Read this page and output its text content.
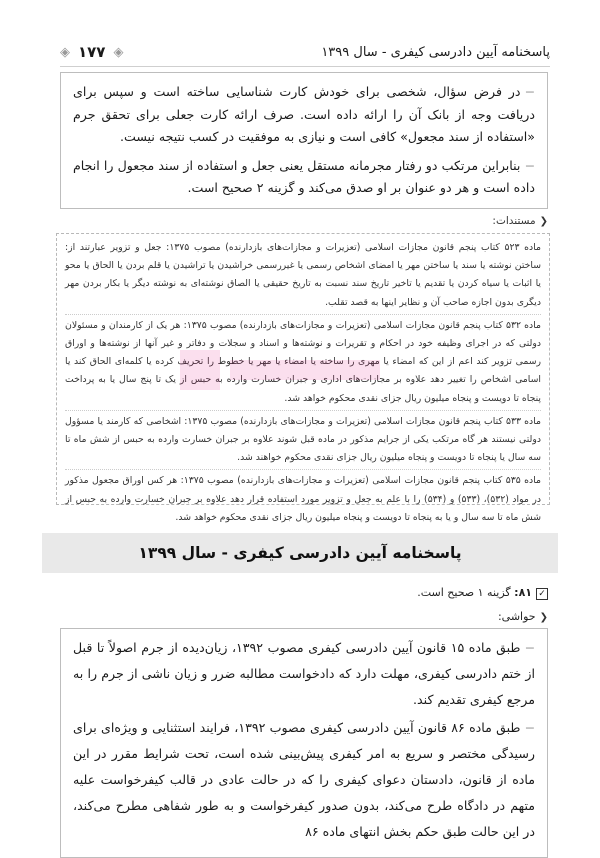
پاسخنامه آیین دادرسی کیفری - سال ۱۳۹۹
◈
۱۷۷
◈

−در فرض سؤال، شخصی برای خودش کارت شناسایی ساخته است و سپس برای دریافت وجه از بانک آن را ارائه داده است. صرف ارائه کارت جعلی برای تحقق جرم «استفاده از سند مجعول» کافی است و نیازی به موفقیت در کسب نتیجه نیست.

−بنابراین مرتکب دو رفتار مجرمانه مستقل یعنی جعل و استفاده از سند مجعول را انجام داده است و هر دو عنوان بر او صدق می‌کند و گزینه ۲ صحیح است.

❮مستندات:
ماده ۵۲۳ کتاب پنجم قانون مجازات اسلامی (تعزیرات و مجازات‌های بازدارنده) مصوب ۱۳۷۵: جعل و تزویر عبارتند از: ساختن نوشته یا سند یا ساختن مهر یا امضای اشخاص رسمی یا غیررسمی خراشیدن یا تراشیدن یا قلم بردن یا الحاق یا محو یا اثبات یا سیاه کردن یا تقدیم یا تاخیر تاریخ سند نسبت به تاریخ حقیقی یا الصاق نوشته‌ای به نوشته دیگر یا بکار بردن مهر دیگری بدون اجازه صاحب آن و نظایر اینها به قصد تقلب.
ماده ۵۳۲ کتاب پنجم قانون مجازات اسلامی (تعزیرات و مجازات‌های بازدارنده) مصوب ۱۳۷۵: هر یک از کارمندان و مسئولان دولتی که در اجرای وظیفه خود در احکام و تقریرات و نوشته‌ها و اسناد و سجلات و دفاتر و غیر آنها از نوشته‌ها و اوراق رسمی تزویر کند اعم از این که امضاء یا مهری را ساخته یا امضاء یا مهر یا خطوط را تحریف کرده یا کلمه‌ای الحاق کند یا اسامی اشخاص را تغییر دهد علاوه بر مجازات‌های اداری و جبران خسارت وارده به حبس از یک تا پنج سال یا به پرداخت پنجاه تا دویست و پنجاه میلیون ریال جزای نقدی محکوم خواهد شد.
ماده ۵۳۳ کتاب پنجم قانون مجازات اسلامی (تعزیرات و مجازات‌های بازدارنده) مصوب ۱۳۷۵: اشخاصی که کارمند یا مسؤول دولتی نیستند هر گاه مرتکب یکی از جرایم مذکور در ماده قبل شوند علاوه بر جبران خسارت وارده به حبس از شش ماه تا سه سال یا پنجاه تا دویست و پنجاه میلیون ریال جزای نقدی محکوم خواهند شد.
ماده ۵۳۵ کتاب پنجم قانون مجازات اسلامی (تعزیرات و مجازات‌های بازدارنده) مصوب ۱۳۷۵: هر کس اوراق مجعول مذکور در مواد (۵۳۲)، (۵۳۳) و (۵۳۴) را با علم به جعل و تزویر مورد استفاده قرار دهد علاوه بر جبران خسارت وارده به حبس از شش ماه تا سه سال و یا به پنجاه تا دویست و پنجاه میلیون ریال جزای نقدی محکوم خواهد شد.
پاسخنامه آیین دادرسی کیفری - سال ۱۳۹۹
✓۸۱: گزینه ۱ صحیح است.
❮حواشی:

−طبق ماده ۱۵ قانون آیین دادرسی کیفری مصوب ۱۳۹۲، زیان‌دیده از جرم اصولاً تا قبل از ختم دادرسی کیفری، مهلت دارد که دادخواست مطالبه ضرر و زیان ناشی از جرم را به مرجع کیفری تقدیم کند.

−طبق ماده ۸۶ قانون آیین دادرسی کیفری مصوب ۱۳۹۲، فرایند استثنایی و ویژه‌ای برای رسیدگی مختصر و سریع به امر کیفری پیش‌بینی شده است، تحت شرایط مقرر در این ماده از قانون، دادستان دعوای کیفری را که در حالت عادی در قالب کیفرخواست علیه متهم در دادگاه طرح می‌کند، بدون صدور کیفرخواست و به طور شفاهی مطرح می‌کند، در این حالت طبق حکم بخش انتهای ماده ۸۶
